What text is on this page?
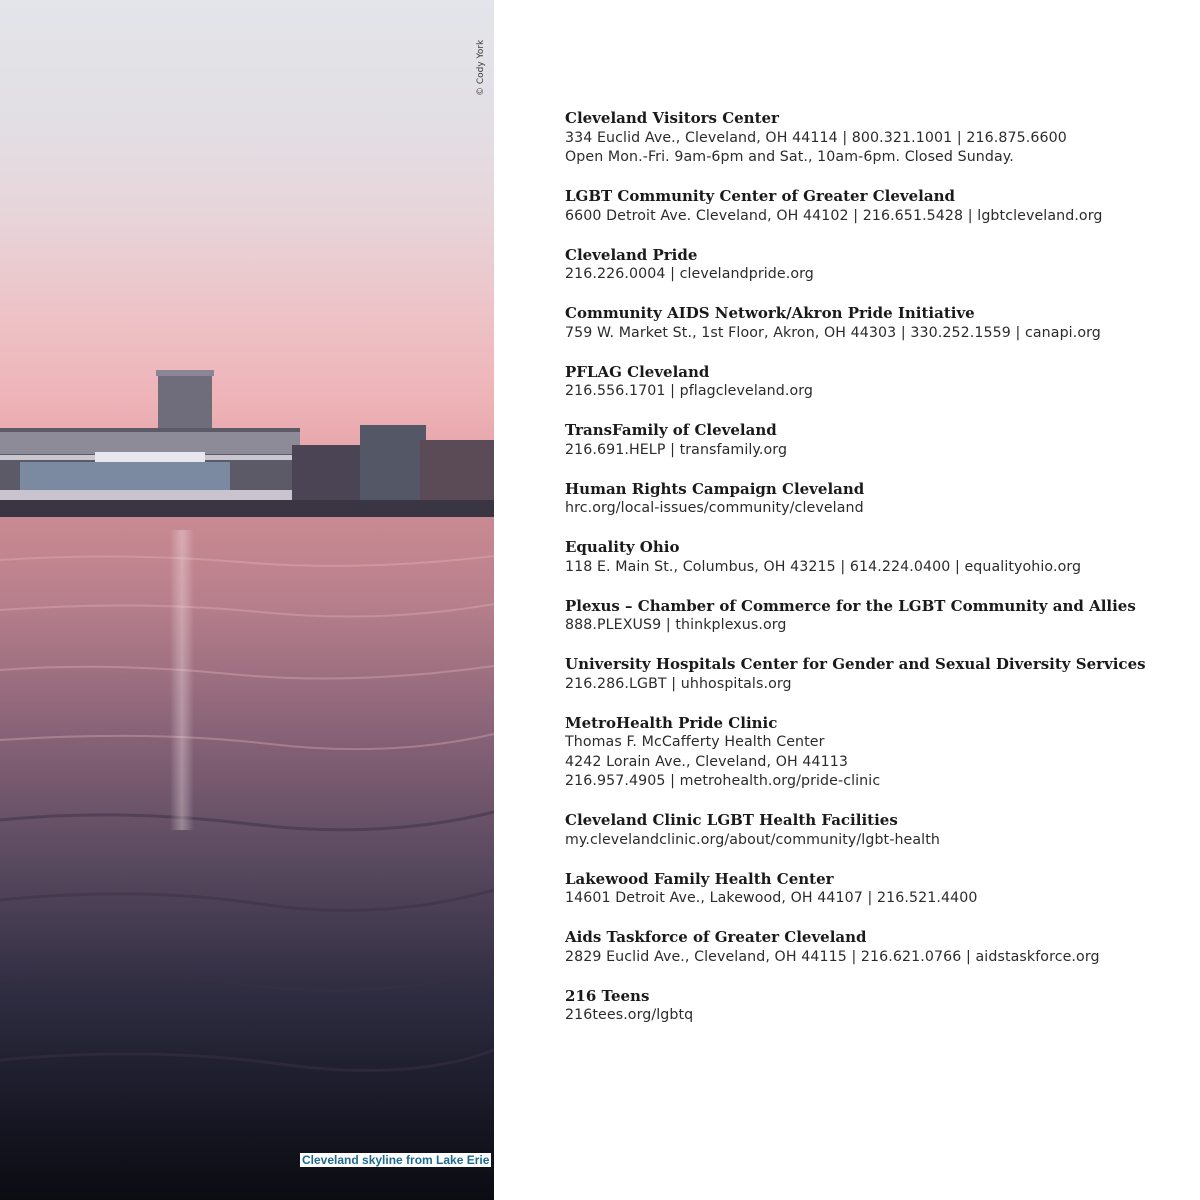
© Cody York
Cleveland skyline from Lake Erie
Cleveland Visitors Center
334 Euclid Ave., Cleveland, OH 44114 | 800.321.1001 | 216.875.6600
Open Mon.-Fri. 9am-6pm and Sat., 10am-6pm. Closed Sunday.
LGBT Community Center of Greater Cleveland
6600 Detroit Ave. Cleveland, OH 44102 | 216.651.5428 | lgbtcleveland.org
Cleveland Pride
216.226.0004 | clevelandpride.org
Community AIDS Network/Akron Pride Initiative
759 W. Market St., 1st Floor, Akron, OH 44303 | 330.252.1559 | canapi.org
PFLAG Cleveland
216.556.1701 | pflagcleveland.org
TransFamily of Cleveland
216.691.HELP | transfamily.org
Human Rights Campaign Cleveland
hrc.org/local-issues/community/cleveland
Equality Ohio
118 E. Main St., Columbus, OH 43215 | 614.224.0400 | equalityohio.org
Plexus – Chamber of Commerce for the LGBT Community and Allies
888.PLEXUS9 | thinkplexus.org
University Hospitals Center for Gender and Sexual Diversity Services
216.286.LGBT | uhhospitals.org
MetroHealth Pride Clinic
Thomas F. McCafferty Health Center
4242 Lorain Ave., Cleveland, OH 44113
216.957.4905 | metrohealth.org/pride-clinic
Cleveland Clinic LGBT Health Facilities
my.clevelandclinic.org/about/community/lgbt-health
Lakewood Family Health Center
14601 Detroit Ave., Lakewood, OH 44107 | 216.521.4400
Aids Taskforce of Greater Cleveland
2829 Euclid Ave., Cleveland, OH 44115 | 216.621.0766 | aidstaskforce.org
216 Teens
216tees.org/lgbtq
